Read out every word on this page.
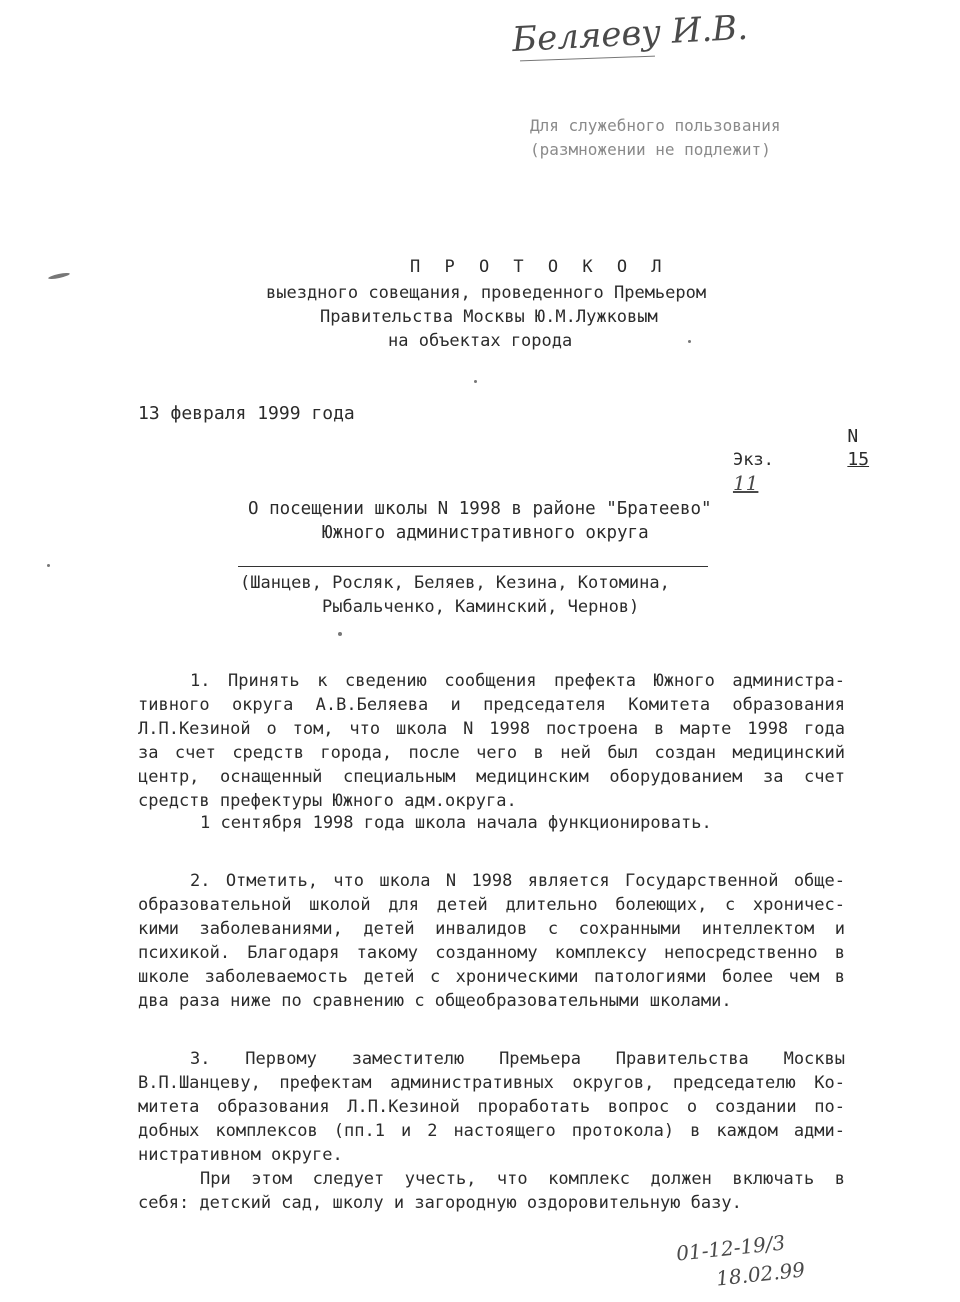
Беляеву И.В.
Для служебного пользования
(размножении не подлежит)
П Р О Т О К О Л
выездного совещания, проведенного Премьером
Правительства Москвы Ю.М.Лужковым
на объектах города
13 февраля 1999 года

N
15

Экз.
11

О посещении школы N 1998 в районе "Братеево"
Южного административного округа
(Шанцев, Росляк, Беляев, Кезина, Котомина,
Рыбальченко, Каминский, Чернов)
1. Принять к сведению сообщения префекта Южного администра-
тивного округа А.В.Беляева и председателя Комитета образования
Л.П.Кезиной о том, что школа N 1998 построена в марте 1998 года
за счет средств города, после чего в ней был создан медицинский
центр, оснащенный специальным медицинским оборудованием за счет
средств префектуры Южного адм.округа.
1 сентября 1998 года школа начала функционировать.
2. Отметить, что школа N 1998 является Государственной обще-
образовательной школой для детей длительно болеющих, с хроничес-
кими заболеваниями, детей инвалидов с сохранными интеллектом и
психикой. Благодаря такому созданному комплексу непосредственно в
школе заболеваемость детей с хроническими патологиями более чем в
два раза ниже по сравнению с общеобразовательными школами.
3. Первому заместителю Премьера Правительства Москвы
В.П.Шанцеву, префектам административных округов, председателю Ко-
митета образования Л.П.Кезиной проработать вопрос о создании по-
добных комплексов (пп.1 и 2 настоящего протокола) в каждом адми-
нистративном округе.
При этом следует учесть, что комплекс должен включать в
себя: детский сад, школу и загородную оздоровительную базу.
01-12-19/3
18.02.99
